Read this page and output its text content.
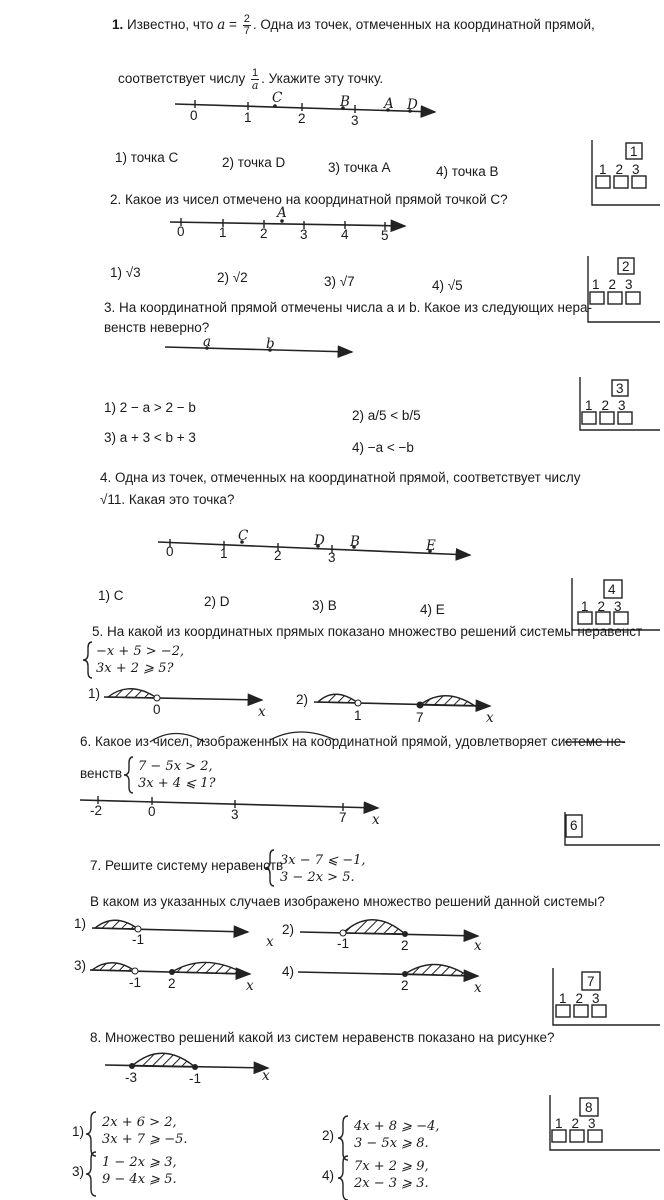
1. Известно, что $a = \frac{2}{7}$ . Одна из точек, отмеченных на координатной прямой,
соответствует числу $\frac{1}{a}$ . Укажите эту точку.
0	1	2	3
C	B	A D
1) точка C	2) точка D	3) точка A	4) точка B
1
123
2. Какое из чисел отмечено на координатной прямой точкой C?
A
0	1 2 3 4 5
1) √3	2) √2	3) √7	4) √5
2
123
3. На координатной прямой отмечены числа a и b. Какое из следующих нера-
венств неверно?
a	b
1) 2 − a > 2 − b
2) a/5 < b/5
3) a + 3 < b + 3
4) −a < −b
3
123
4. Одна из точек, отмеченных на координатной прямой, соответствует числу
√11. Какая это точка?
C	D B	E
0	1	2	3
1) C	2) D	3) B	4) E
4
123
5. На какой из координатных прямых показано множество решений системы неравенст
−x + 5 > −2,
3x + 2 ⩾ 5?
1)	2)
0	x	1	7	x
6. Какое из чисел, изображенных на координатной прямой, удовлетворяет системе не-
венств 7 − 5x > 2,
3x + 4 ⩽ 1?
-2	0	3	7 x	6
7. Решите систему неравенств
3x − 7 ⩽ −1,
3 − 2x > 5.
В каком из указанных случаев изображено множество решений данной системы?
1)	2)
3)	4)
-1	x	-1	2	x
-1 2	x	2	x	7
123
8. Множество решений какой из систем неравенств показано на рисунке?
-3	-1	x
1)
2x + 6 > 2,
3x + 7 ⩾ −5.	2)
4x + 8 ⩾ −4,
3 − 5x ⩾ 8.
3)
1 − 2x ⩾ 3,
9 − 4x ⩾ 5.	4)
7x + 2 ⩾ 9,
2x − 3 ⩾ 3.
8
123
